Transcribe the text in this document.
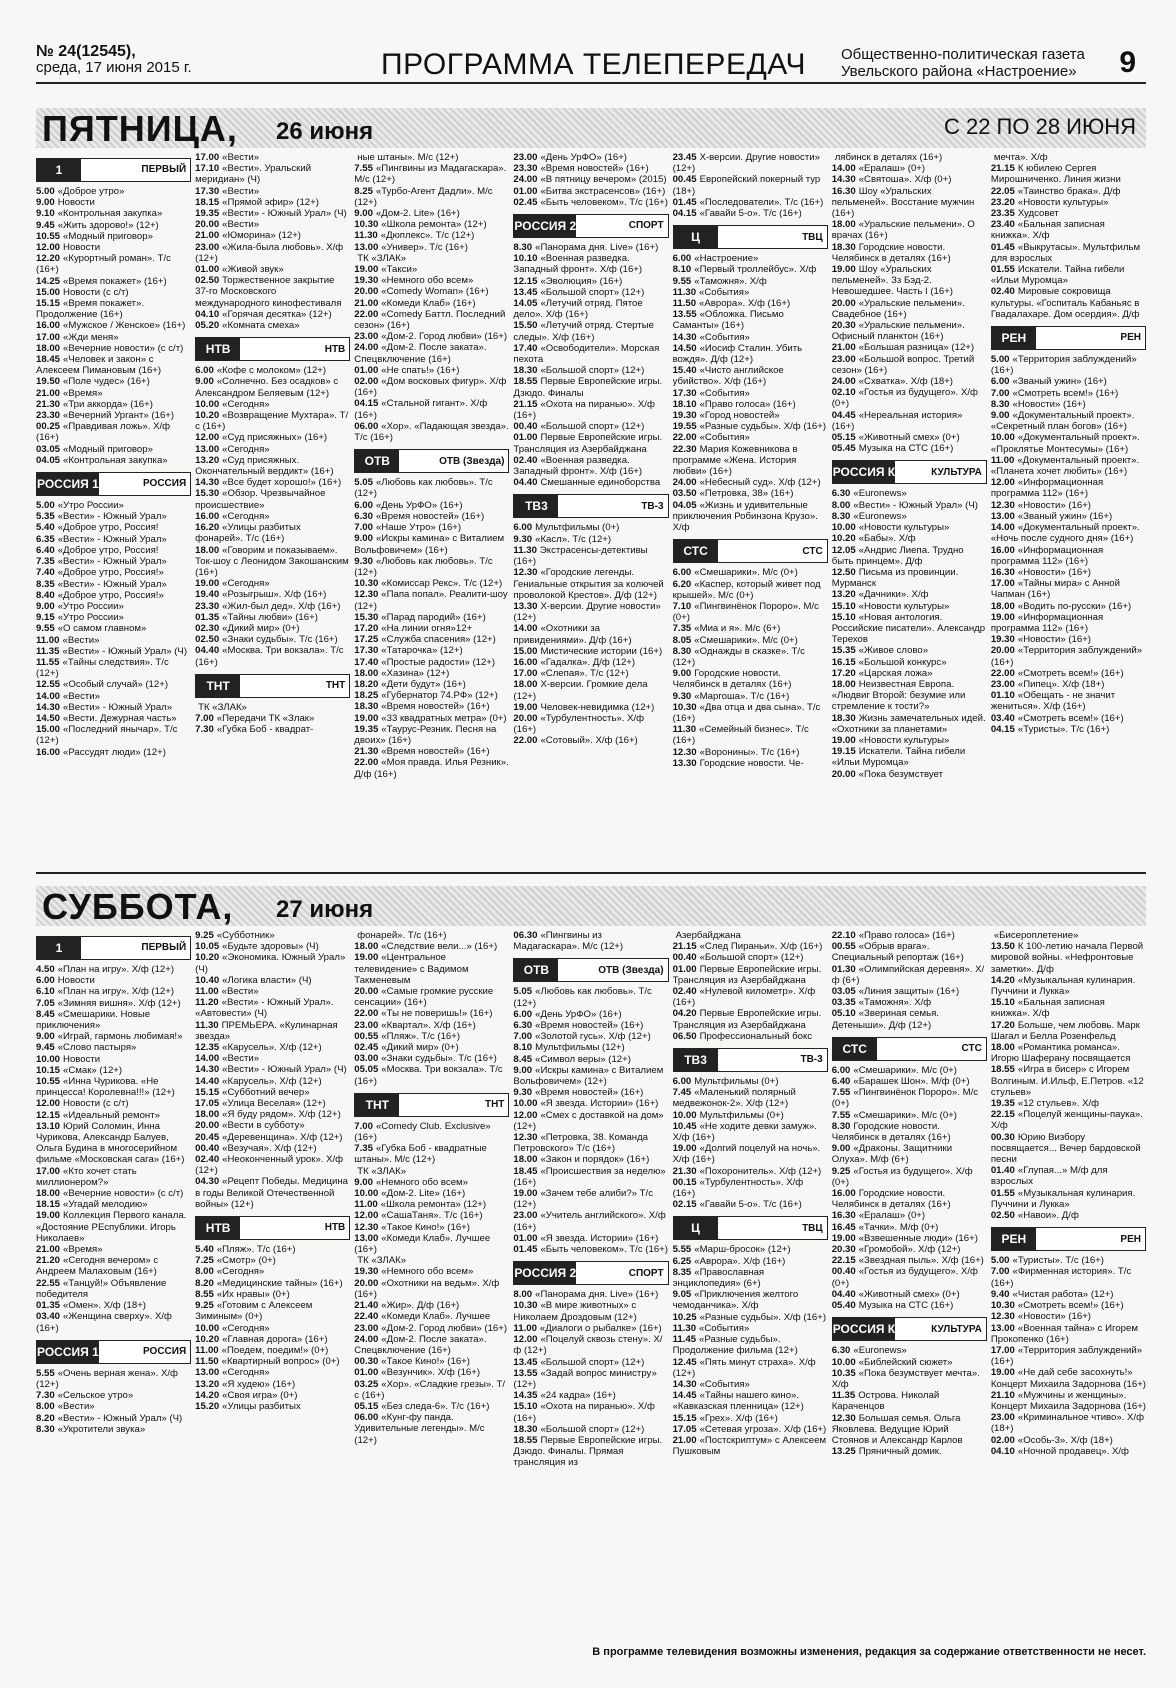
№ 24(12545),
среда, 17 июня 2015 г.	ПРОГРАММА ТЕЛЕПЕРЕДАЧ Общественно-политическая газета
Увельского района «Настроение» 9
ПЯТНИЦА, 26 июня	С 22 ПО 28 ИЮНЯ
1	ПЕРВЫЙ
5.00 «Доброе утро»
9.00 Новости
9.10 «Контрольная закупка»
9.45 «Жить здорово!» (12+)
10.55 «Модный приговор»
12.00 Новости
12.20 «Курортный роман». Т/с (16+)
14.25 «Время покажет» (16+)
15.00 Новости (с с/т)
15.15 «Время покажет». Продолжение (16+)
16.00 «Мужское / Женское» (16+)
17.00 «Жди меня»
18.00 «Вечерние новости» (с с/т)
18.45 «Человек и закон» с Алексеем Пимановым (16+)
19.50 «Поле чудес» (16+)
21.00 «Время»
21.30 «Три аккорда» (16+)
23.30 «Вечерний Ургант» (16+)
00.25 «Правдивая ложь». Х/ф (16+)
03.05 «Модный приговор»
04.05 «Контрольная закупка»
РОССИЯ 1	РОССИЯ
5.00 «Утро России»
5.35 «Вести» - Южный Урал»
5.40 «Доброе утро, Россия!
6.35 «Вести» - Южный Урал»
6.40 «Доброе утро, Россия!
7.35 «Вести» - Южный Урал»
7.40 «Доброе утро, Россия!»
8.35 «Вести» - Южный Урал»
8.40 «Доброе утро, Россия!»
9.00 «Утро России»
9.15 «Утро России»
9.55 «О самом главном»
11.00 «Вести»
11.35 «Вести» - Южный Урал» (Ч)
11.55 «Тайны следствия». Т/с (12+)
12.55 «Особый случай» (12+)
14.00 «Вести»
14.30 «Вести» - Южный Урал»
14.50 «Вести. Дежурная часть»
15.00 «Последний янычар». Т/с (12+)
16.00 «Рассудят люди» (12+)
17.00 «Вести»
17.10 «Вести». Уральский меридиан» (Ч)
17.30 «Вести»
18.15 «Прямой эфир» (12+)
19.35 «Вести» - Южный Урал» (Ч)
20.00 «Вести»
21.00 «Юморина» (12+)
23.00 «Жила-была любовь». Х/ф (12+)
01.00 «Живой звук»
02.50 Торжественное закрытие 37-го Московского международного кинофестиваля
04.10 «Горячая десятка» (12+)
05.20 «Комната смеха»
НТВ	НТВ
6.00 «Кофе с молоком» (12+)
9.00 «Солнечно. Без осадков» с Александром Беляевым (12+)
10.00 «Сегодня»
10.20 «Возвращение Мухтара». Т/с (16+)
12.00 «Суд присяжных» (16+)
13.00 «Сегодня»
13.20 «Суд присяжных. Окончательный вердикт» (16+)
14.30 «Все будет хорошо!» (16+)
15.30 «Обзор. Чрезвычайное происшествие»
16.00 «Сегодня»
16.20 «Улицы разбитых фонарей». Т/с (16+)
18.00 «Говорим и показываем». Ток-шоу с Леонидом Закошанским (16+)
19.00 «Сегодня»
19.40 «Розыгрыш». Х/ф (16+)
23.30 «Жил-был дед». Х/ф (16+)
01.35 «Тайны любви» (16+)
02.30 «Дикий мир» (0+)
02.50 «Знаки судьбы». Т/с (16+)
04.40 «Москва. Три вокзала». Т/с (16+)
ТНТ	ТНТ
ТК «ЗЛАК»
7.00 «Передачи ТК «Злак»
7.30 «Губка Боб - квадрат-
ные штаны». М/с (12+)
7.55 «Пингвины из Мадагаскара». М/с (12+)
8.25 «Турбо-Агент Дадли». М/с (12+)
9.00 «Дом-2. Lite» (16+)
10.30 «Школа ремонта» (12+)
11.30 «Дюплекс». Т/с (12+)
13.00 «Универ». Т/с (16+)
ТК «ЗЛАК»
19.00 «Такси»
19.30 «Немного обо всем»
20.00 «Comedy Woman» (16+)
21.00 «Комеди Клаб» (16+)
22.00 «Comedy Баттл. Последний сезон» (16+)
23.00 «Дом-2. Город любви» (16+)
24.00 «Дом-2. После заката». Спецвключение (16+)
01.00 «Не спать!» (16+)
02.00 «Дом восковых фигур». Х/ф (16+)
04.15 «Стальной гигант». Х/ф (16+)
06.00 «Хор». «Падающая звезда». Т/с (16+)
ОТВ	ОТВ (Звезда)
5.05 «Любовь как любовь». Т/с (12+)
6.00 «День УрФО» (16+)
6.30 «Время новостей» (16+)
7.00 «Наше Утро» (16+)
9.00 «Искры камина» с Виталием Вольфовичем» (16+)
9.30 «Любовь как любовь». Т/с (12+)
10.30 «Комиссар Рекс». Т/с (12+)
12.30 «Папа попал». Реалити-шоу (12+)
15.30 «Парад пародий» (16+)
17.20 «На линии огня»12+
17.25 «Служба спасения» (12+)
17.30 «Татарочка» (12+)
17.40 «Простые радости» (12+)
18.00 «Хазина» (12+)
18.20 «Дети будут» (16+)
18.25 «Губернатор 74.РФ» (12+)
18.30 «Время новостей» (16+)
19.00 «33 квадратных метра» (0+)
19.35 «Таурус-Резник. Песня на двоих» (16+)
21.30 «Время новостей» (16+)
22.00 «Моя правда. Илья Резник». Д/ф (16+)
23.00 «День УрФО» (16+)
23.30 «Время новостей» (16+)
24.00 «В пятницу вечером» (2015)
01.00 «Битва экстрасенсов» (16+)
02.45 «Быть человеком». Т/с (16+)
РОССИЯ 2	СПОРТ
8.30 «Панорама дня. Live» (16+)
10.10 «Военная разведка. Западный фронт». Х/ф (16+)
12.15 «Эволюция» (16+)
13.45 «Большой спорт» (12+)
14.05 «Летучий отряд. Пятое дело». Х/ф (16+)
15.50 «Летучий отряд. Стертые следы». Х/ф (16+)
17.40 «Освободители». Морская пехота
18.30 «Большой спорт» (12+)
18.55 Первые Европейские игры. Дзюдо. Финалы
21.15 «Охота на пиранью». Х/ф (16+)
00.40 «Большой спорт» (12+)
01.00 Первые Европейские игры. Трансляция из Азербайджана
02.40 «Военная разведка. Западный фронт». Х/ф (16+)
04.40 Смешанные единоборства
ТВ3	ТВ-3
6.00 Мультфильмы (0+)
9.30 «Касл». Т/с (12+)
11.30 Экстрасенсы-детективы (16+)
12.30 «Городские легенды. Гениальные открытия за колючей проволокой Крестов». Д/ф (12+)
13.30 Х-версии. Другие новости» (12+)
14.00 «Охотники за привидениями». Д/ф (16+)
15.00 Мистические истории (16+)
16.00 «Гадалка». Д/ф (12+)
17.00 «Слепая». Т/с (12+)
18.00 Х-версии. Громкие дела (12+)
19.00 Человек-невидимка (12+)
20.00 «Турбулентность». Х/ф (16+)
22.00 «Сотовый». Х/ф (16+)
23.45 Х-версии. Другие новости» (12+)
00.45 Европейский покерный тур (18+)
01.45 «Последователи». Т/с (16+)
04.15 «Гавайи 5-о». Т/с (16+)
Ц	ТВЦ
6.00 «Настроение»
8.10 «Первый троллейбус». Х/ф
9.55 «Таможня». Х/ф
11.30 «События»
11.50 «Аврора». Х/ф (16+)
13.55 «Обложка. Письмо Саманты» (16+)
14.30 «События»
14.50 «Иосиф Сталин. Убить вождя». Д/ф (12+)
15.40 «Чисто английское убийство». Х/ф (16+)
17.30 «События»
18.10 «Право голоса» (16+)
19.30 «Город новостей»
19.55 «Разные судьбы». Х/ф (16+)
22.00 «События»
22.30 Мария Кожевникова в программе «Жена. История любви» (16+)
24.00 «Небесный суд». Х/ф (12+)
03.50 «Петровка, 38» (16+)
04.05 «Жизнь и удивительные приключения Робинзона Крузо». Х/ф
СТС	СТС
6.00 «Смешарики». М/с (0+)
6.20 «Каспер, который живет под крышей». М/с (0+)
7.10 «Пингвинёнок Пороро». М/с (0+)
7.35 «Миа и я». М/с (6+)
8.05 «Смешарики». М/с (0+)
8.30 «Однажды в сказке». Т/с (12+)
9.00 Городские новости. Челябинск в деталях (16+)
9.30 «Маргоша». Т/с (16+)
10.30 «Два отца и два сына». Т/с (16+)
11.30 «Семейный бизнес». Т/с (16+)
12.30 «Воронины». Т/с (16+)
13.30 Городские новости. Че-
лябинск в деталях (16+)
14.00 «Ералаш» (0+)
14.30 «Святоша». Х/ф (0+)
16.30 Шоу «Уральских пельменей». Восстание мужчин (16+)
18.00 «Уральские пельмени». О врачах (16+)
18.30 Городские новости. Челябинск в деталях (16+)
19.00 Шоу «Уральских пельменей». Зз Бэд-2. Невошедшее. Часть I (16+)
20.00 «Уральские пельмени». Свадебное (16+)
20.30 «Уральские пельмени». Офисный планктон (16+)
21.00 «Большая разница» (12+)
23.00 «Большой вопрос. Третий сезон» (16+)
24.00 «Схватка». Х/ф (18+)
02.10 «Гостья из будущего». Х/ф (0+)
04.45 «Нереальная история» (16+)
05.15 «Животный смех» (0+)
05.45 Музыка на СТС (16+)
РОССИЯ К	КУЛЬТУРА
6.30 «Euronews»
8.00 «Вести» - Южный Урал» (Ч)
8.30 «Euronews»
10.00 «Новости культуры»
10.20 «Бабы». Х/ф
12.05 «Андрис Лиепа. Трудно быть принцем». Д/ф
12.50 Письма из провинции. Мурманск
13.20 «Дачники». Х/ф
15.10 «Новости культуры»
15.10 «Новая антология. Российские писатели». Александр Терехов
15.35 «Живое слово»
16.15 «Большой конкурс»
17.20 «Царская ложа»
18.00 Неизвестная Европа. «Людвиг Второй: безумие или стремление к тости?»
18.30 Жизнь замечательных идей. «Охотники за планетами»
19.00 «Новости культуры»
19.15 Искатели. Тайна гибели «Ильи Муромца»
20.00 «Пока безумствует
мечта». Х/ф
21.15 К юбилею Сергея Мирошниченко. Линия жизни
22.05 «Таинство брака». Д/ф
23.20 «Новости культуры»
23.35 Худсовет
23.40 «Бальная записная книжка». Х/ф
01.45 «Выкрутасы». Мультфильм для взрослых
01.55 Искатели. Тайна гибели «Ильи Муромца»
02.40 Мировые сокровища культуры. «Госпиталь Кабаньяс в Гвадалахаре. Дом осердия». Д/ф
РЕН	РЕН
5.00 «Территория заблуждений» (16+)
6.00 «Званый ужин» (16+)
7.00 «Смотреть всем!» (16+)
8.30 «Новости» (16+)
9.00 «Документальный проект». «Секретный план богов» (16+)
10.00 «Документальный проект». «Проклятье Монтесумы» (16+)
11.00 «Документальный проект». «Планета хочет любить» (16+)
12.00 «Информационная программа 112» (16+)
12.30 «Новости» (16+)
13.00 «Званый ужин» (16+)
14.00 «Документальный проект». «Ночь после судного дня» (16+)
16.00 «Информационная программа 112» (16+)
16.30 «Новости» (16+)
17.00 «Тайны мира» с Анной Чапман (16+)
18.00 «Водить по-русски» (16+)
19.00 «Информационная программа 112» (16+)
19.30 «Новости» (16+)
20.00 «Территория заблуждений» (16+)
22.00 «Смотреть всем!» (16+)
23.00 «Пипец». Х/ф (18+)
01.10 «Обещать - не значит жениться». Х/ф (16+)
03.40 «Смотреть всем!» (16+)
04.15 «Туристы». Т/с (16+)
СУББОТА, 27 июня
1	ПЕРВЫЙ
4.50 «План на игру». Х/ф (12+)
6.00 Новости
6.10 «План на игру». Х/ф (12+)
7.05 «Зимняя вишня». Х/ф (12+)
8.45 «Смешарики. Новые приключения»
9.00 «Играй, гармонь любимая!»
9.45 «Слово пастыря»
10.00 Новости
10.15 «Смак» (12+)
10.55 «Инна Чурикова. «Не принцесса! Королевна!!!» (12+)
12.00 Новости (с с/т)
12.15 «Идеальный ремонт»
13.10 Юрий Соломин, Инна Чурикова, Александр Балуев, Ольга Будина в многосерийном фильме «Московская сага» (16+)
17.00 «Кто хочет стать миллионером?»
18.00 «Вечерние новости» (с с/т)
18.15 «Угадай мелодию»
19.00 Коллекция Первого канала. «Достояние РЕспублики. Игорь Николаев»
21.00 «Время»
21.20 «Сегодня вечером» с Андреем Малаховым (16+)
22.55 «Танцуй!» Объявление победителя
01.35 «Омен». Х/ф (18+)
03.40 «Женщина сверху». Х/ф (16+)
РОССИЯ 1	РОССИЯ
5.55 «Очень верная жена». Х/ф (12+)
7.30 «Сельское утро»
8.00 «Вести»
8.20 «Вести» - Южный Урал» (Ч)
8.30 «Укротители звука»
9.25 «Субботник»
10.05 «Будьте здоровы» (Ч)
10.20 «Экономика. Южный Урал» (Ч)
10.40 «Логика власти» (Ч)
11.00 «Вести»
11.20 «Вести» - Южный Урал». «Автовести» (Ч)
11.30 ПРЕМЬЕРА. «Кулинарная звезда»
12.35 «Карусель». Х/ф (12+)
14.00 «Вести»
14.30 «Вести» - Южный Урал» (Ч)
14.40 «Карусель». Х/ф (12+)
15.15 «Субботний вечер»
17.05 «Улица Веселая» (12+)
18.00 «Я буду рядом». Х/ф (12+)
20.00 «Вести в субботу»
20.45 «Деревенщина». Х/ф (12+)
00.40 «Везучая». Х/ф (12+)
02.40 «Неоконченный урок». Х/ф (12+)
04.30 «Рецепт Победы. Медицина в годы Великой Отечественной войны» (12+)
НТВ	НТВ
5.40 «Пляж». Т/с (16+)
7.25 «Смотр» (0+)
8.00 «Сегодня»
8.20 «Медицинские тайны» (16+)
8.55 «Их нравы» (0+)
9.25 «Готовим с Алексеем Зиминым» (0+)
10.00 «Сегодня»
10.20 «Главная дорога» (16+)
11.00 «Поедем, поедим!» (0+)
11.50 «Квартирный вопрос» (0+)
13.00 «Сегодня»
13.20 «Я худею» (16+)
14.20 «Своя игра» (0+)
15.20 «Улицы разбитых
фонарей». Т/с (16+)
18.00 «Следствие вели...» (16+)
19.00 «Центральное телевидение» с Вадимом Такменевым
20.00 «Самые громкие русские сенсации» (16+)
22.00 «Ты не поверишь!» (16+)
23.00 «Квартал». Х/ф (16+)
00.55 «Пляж». Т/с (16+)
02.45 «Дикий мир» (0+)
03.00 «Знаки судьбы». Т/с (16+)
05.05 «Москва. Три вокзала». Т/с (16+)
ТНТ	ТНТ
7.00 «Comedy Club. Exclusive» (16+)
7.35 «Губка Боб - квадратные штаны». М/с (12+)
ТК «ЗЛАК»
9.00 «Немного обо всем»
10.00 «Дом-2. Lite» (16+)
11.00 «Школа ремонта» (12+)
12.00 «СашаТаня». Т/с (16+)
12.30 «Такое Кино!» (16+)
13.00 «Комеди Клаб». Лучшее (16+)
ТК «ЗЛАК»
19.30 «Немного обо всем»
20.00 «Охотники на ведьм». Х/ф (16+)
21.40 «Жир». Д/ф (16+)
22.40 «Комеди Клаб». Лучшее
23.00 «Дом-2. Город любви» (16+)
24.00 «Дом-2. После заката». Спецвключение (16+)
00.30 «Такое Кино!» (16+)
01.00 «Везунчик». Х/ф (16+)
03.25 «Хор». «Сладкие грезы». Т/с (16+)
05.15 «Без следа-6». Т/с (16+)
06.00 «Кунг-фу панда. Удивительные легенды». М/с (12+)
06.30 «Пингвины из Мадагаскара». М/с (12+)
ОТВ	ОТВ (Звезда)
5.05 «Любовь как любовь». Т/с (12+)
6.00 «День УрФО» (16+)
6.30 «Время новостей» (16+)
7.00 «Золотой гусь». Х/ф (12+)
8.10 Мультфильмы (12+)
8.45 «Символ веры» (12+)
9.00 «Искры камина» с Виталием Вольфовичем» (12+)
9.30 «Время новостей» (16+)
10.00 «Я звезда. Истории» (16+)
12.00 «Смех с доставкой на дом» (12+)
12.30 «Петровка, 38. Команда Петровского» Т/с (16+)
18.00 «Закон и порядок» (16+)
18.45 «Происшествия за неделю» (16+)
19.00 «Зачем тебе алиби?» Т/с (12+)
23.00 «Учитель английского». Х/ф (16+)
01.00 «Я звезда. Истории» (16+)
01.45 «Быть человеком». Т/с (16+)
РОССИЯ 2	СПОРТ
8.00 «Панорама дня. Live» (16+)
10.30 «В мире животных» с Николаем Дроздовым (12+)
11.00 «Диалоги о рыбалке» (16+)
12.00 «Поцелуй сквозь стену». Х/ф (12+)
13.45 «Большой спорт» (12+)
13.55 «Задай вопрос министру» (12+)
14.35 «24 кадра» (16+)
15.10 «Охота на пиранью». Х/ф (16+)
18.30 «Большой спорт» (12+)
18.55 Первые Европейские игры. Дзюдо. Финалы. Прямая трансляция из
Азербайджана
21.15 «След Пираньи». Х/ф (16+)
00.40 «Большой спорт» (12+)
01.00 Первые Европейские игры. Трансляция из Азербайджана
02.40 «Нулевой километр». Х/ф (16+)
04.20 Первые Европейские игры. Трансляция из Азербайджана
06.50 Профессиональный бокс
ТВ3	ТВ-3
6.00 Мультфильмы (0+)
7.45 «Маленький полярный медвежонок-2». Х/ф (12+)
10.00 Мультфильмы (0+)
10.45 «Не ходите девки замуж». Х/ф (16+)
19.00 «Долгий поцелуй на ночь». Х/ф (16+)
21.30 «Похоронитель». Х/ф (12+)
00.15 «Турбулентность». Х/ф (16+)
02.15 «Гавайи 5-о». Т/с (16+)
Ц	ТВЦ
5.55 «Марш-бросок» (12+)
6.25 «Аврора». Х/ф (16+)
8.35 «Православная энциклопедия» (6+)
9.05 «Приключения желтого чемоданчика». Х/ф
10.25 «Разные судьбы». Х/ф (16+)
11.30 «События»
11.45 «Разные судьбы». Продолжение фильма (12+)
12.45 «Пять минут страха». Х/ф (12+)
14.30 «События»
14.45 «Тайны нашего кино». «Кавказская пленница» (12+)
15.15 «Грех». Х/ф (16+)
17.05 «Сетевая угроза». Х/ф (16+)
21.00 «Постскриптум» с Алексеем Пушковым
22.10 «Право голоса» (16+)
00.55 «Обрыв врага». Специальный репортаж (16+)
01.30 «Олимпийская деревня». Х/ф (6+)
03.05 «Линия защиты» (16+)
03.35 «Таможня». Х/ф
05.10 «Звериная семья. Детеныши». Д/ф (12+)
СТС	СТС
6.00 «Смешарики». М/с (0+)
6.40 «Барашек Шон». М/ф (0+)
7.55 «Пингвинёнок Пороро». М/с (0+)
7.55 «Смешарики». М/с (0+)
8.30 Городские новости. Челябинск в деталях (16+)
9.00 «Драконы. Защитники Олуха». М/ф (6+)
9.25 «Гостья из будущего». Х/ф (0+)
16.00 Городские новости. Челябинск в деталях (16+)
16.30 «Ералаш» (0+)
16.45 «Тачки». М/ф (0+)
19.00 «Взвешенные люди» (16+)
20.30 «Громобой». Х/ф (12+)
22.15 «Звездная пыль». Х/ф (16+)
00.40 «Гостья из будущего». Х/ф (0+)
04.40 «Животный смех» (0+)
05.40 Музыка на СТС (16+)
РОССИЯ К	КУЛЬТУРА
6.30 «Euronews»
10.00 «Библейский сюжет»
10.35 «Пока безумствует мечта». Х/ф
11.35 Острова. Николай Караченцов
12.30 Большая семья. Ольга Яковлева. Ведущие Юрий Стоянов и Александр Карлов
13.25 Пряничный домик.
«Бисероплетение»
13.50 К 100-летию начала Первой мировой войны. «Нефронтовые заметки». Д/ф
14.20 «Музыкальная кулинария. Пуччини и Лукка»
15.10 «Бальная записная книжка». Х/ф
17.20 Больше, чем любовь. Марк Шагал и Белла Розенфельд
18.00 «Романтика романса». Игорю Шаферану посвящается
18.55 «Игра в бисер» с Игорем Волгиным. И.Ильф, Е.Петров. «12 стульев»
19.35 «12 стульев». Х/ф
22.15 «Поцелуй женщины-паука». Х/ф
00.30 Юрию Визбору посвящается... Вечер бардовской песни
01.40 «Глупая...» М/ф для взрослых
01.55 «Музыкальная кулинария. Пуччини и Лукка»
02.50 «Навои». Д/ф
РЕН	РЕН
5.00 «Туристы». Т/с (16+)
7.00 «Фирменная история». Т/с (16+)
9.40 «Чистая работа» (12+)
10.30 «Смотреть всем!» (16+)
12.30 «Новости» (16+)
13.00 «Военная тайна» с Игорем Прокопенко (16+)
17.00 «Территория заблуждений» (16+)
19.00 «Не дай себе засохнуть!» Концерт Михаила Задорнова (16+)
21.10 «Мужчины и женщины». Концерт Михаила Задорнова (16+)
23.00 «Криминальное чтиво». Х/ф (18+)
02.00 «Особь-3». Х/ф (18+)
04.10 «Ночной продавец». Х/ф
В программе телевидения возможны изменения, редакция за содержание ответственности не несет.
